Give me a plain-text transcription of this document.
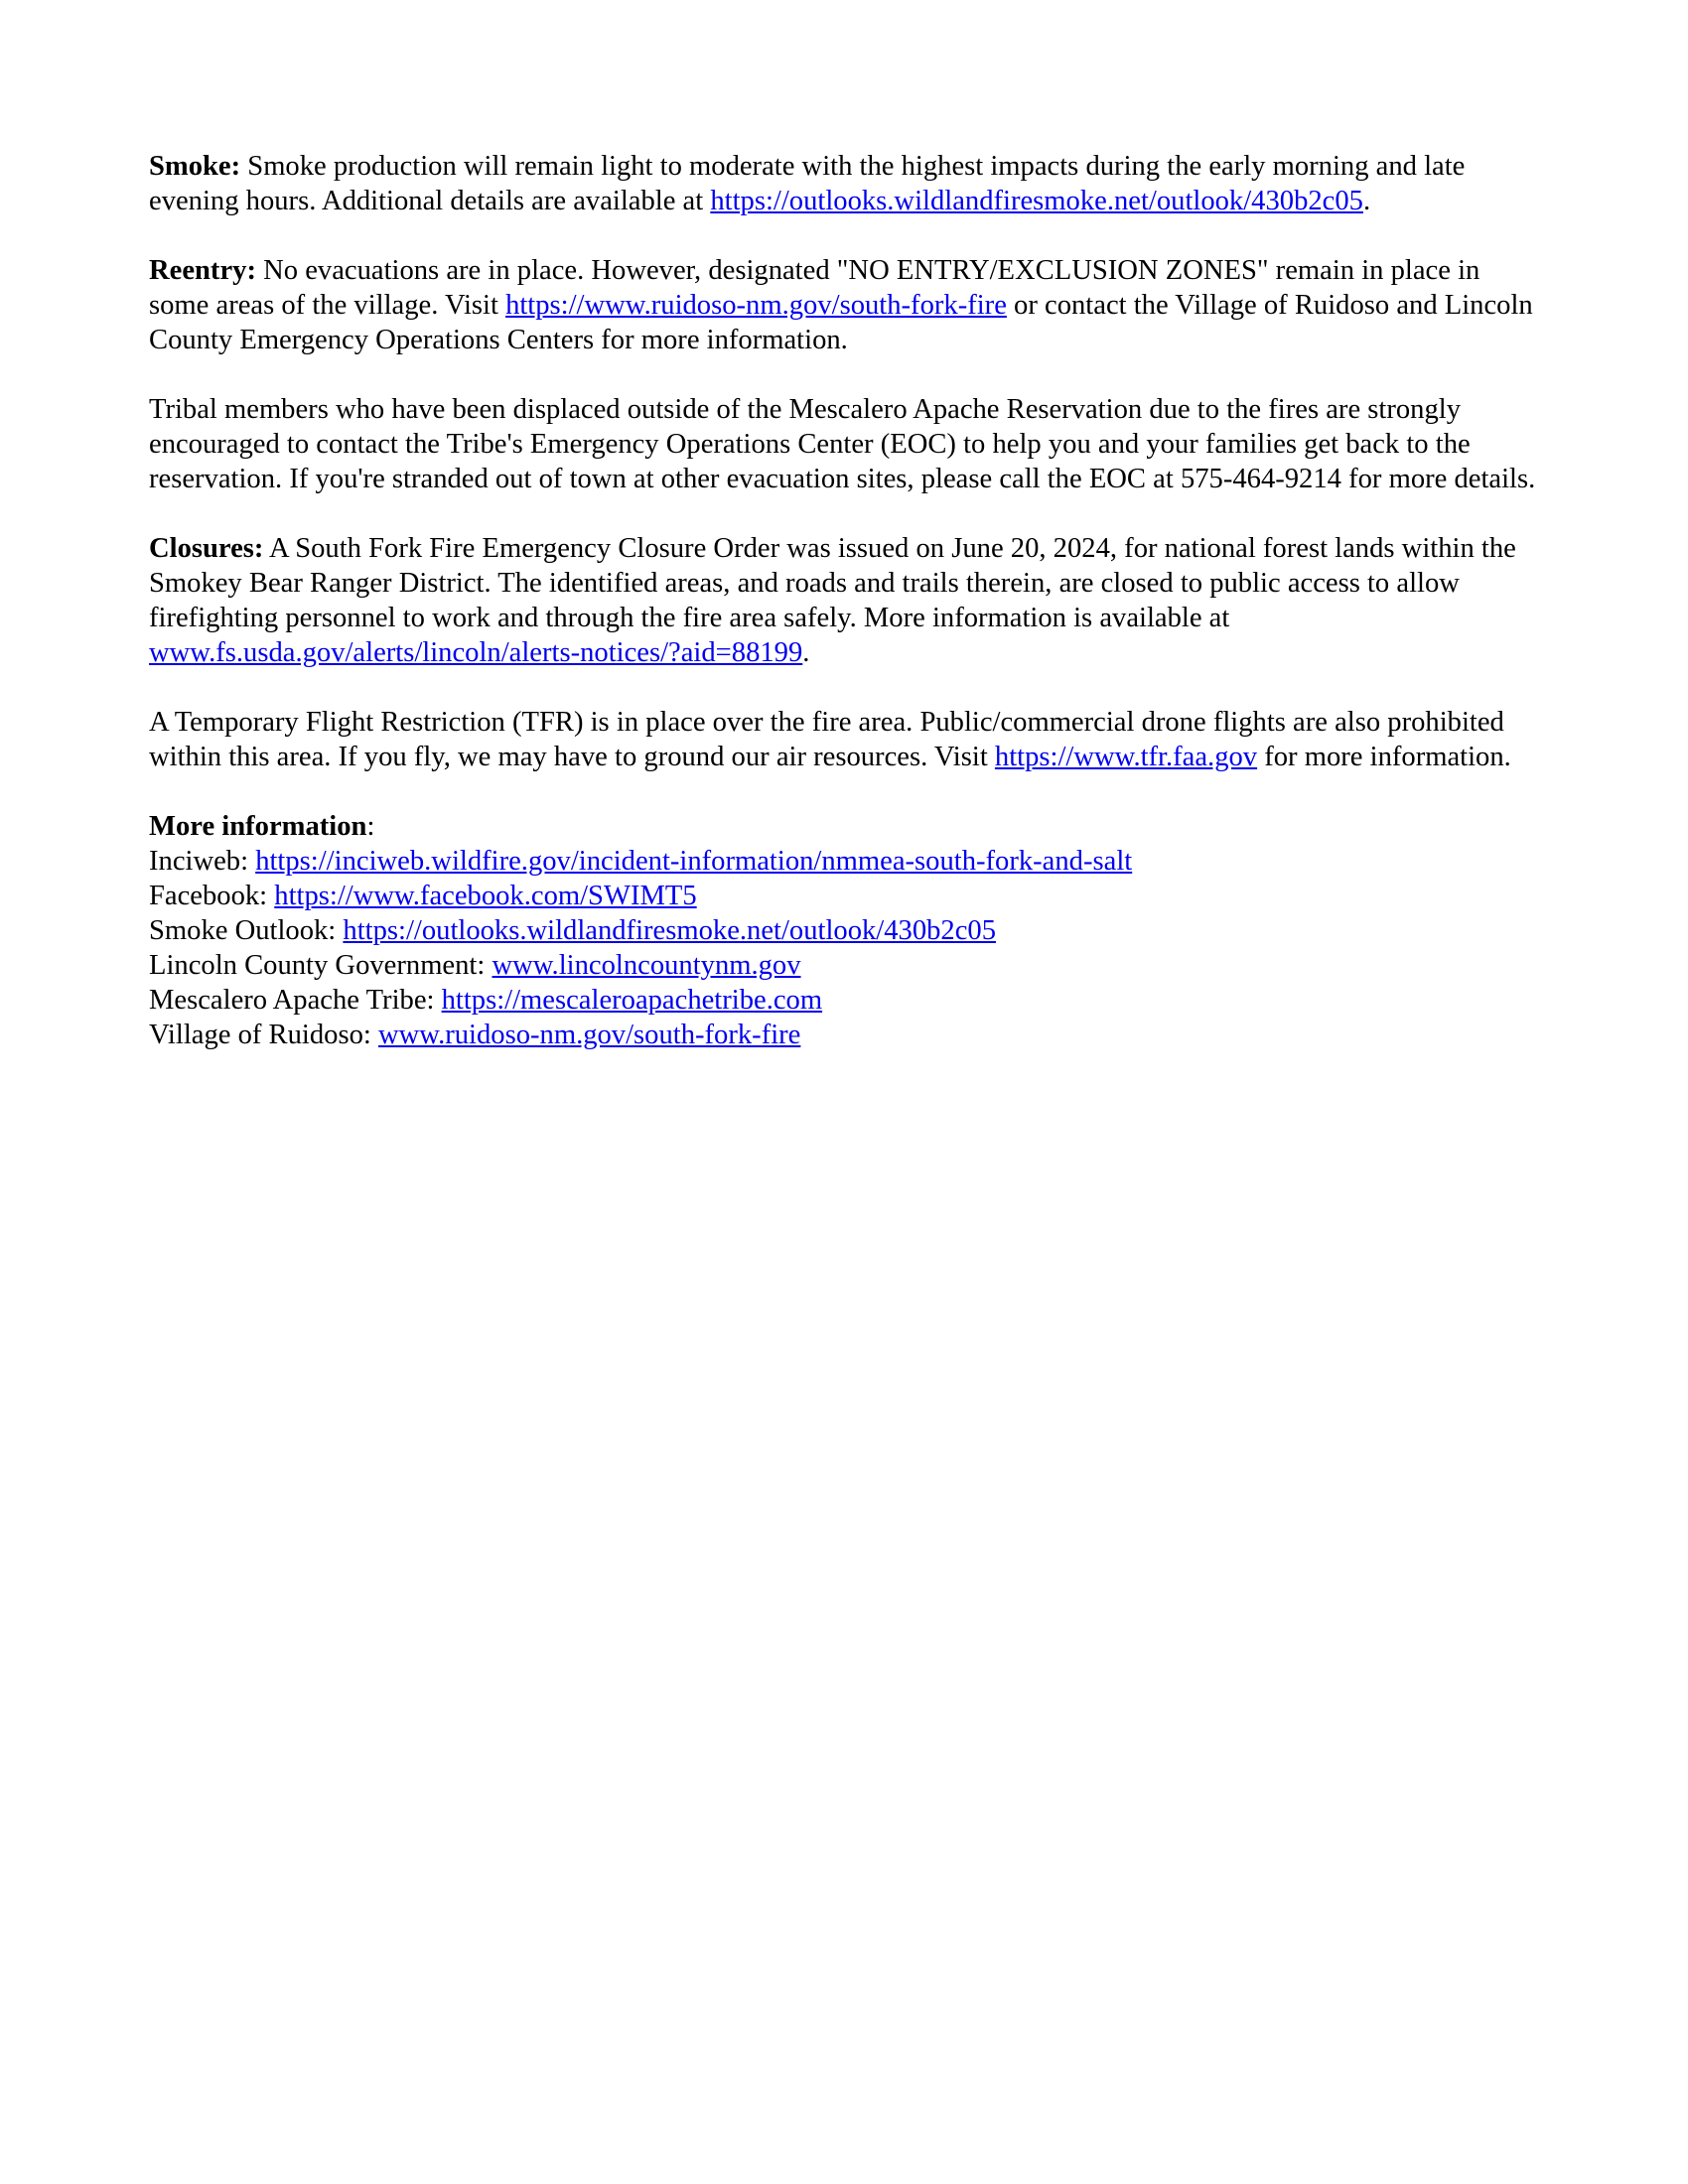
Smoke: Smoke production will remain light to moderate with the highest impacts during the early morning and late evening hours. Additional details are available at https://outlooks.wildlandfiresmoke.net/outlook/430b2c05.

Reentry: No evacuations are in place. However, designated "NO ENTRY/EXCLUSION ZONES" remain in place in some areas of the village. Visit https://www.ruidoso-nm.gov/south-fork-fire or contact the Village of Ruidoso and Lincoln County Emergency Operations Centers for more information.

Tribal members who have been displaced outside of the Mescalero Apache Reservation due to the fires are strongly encouraged to contact the Tribe's Emergency Operations Center (EOC) to help you and your families get back to the reservation. If you're stranded out of town at other evacuation sites, please call the EOC at 575-464-9214 for more details.

Closures: A South Fork Fire Emergency Closure Order was issued on June 20, 2024, for national forest lands within the Smokey Bear Ranger District. The identified areas, and roads and trails therein, are closed to public access to allow firefighting personnel to work and through the fire area safely. More information is available at www.fs.usda.gov/alerts/lincoln/alerts-notices/?aid=88199.

A Temporary Flight Restriction (TFR) is in place over the fire area. Public/commercial drone flights are also prohibited within this area. If you fly, we may have to ground our air resources. Visit https://www.tfr.faa.gov for more information.

More information:
Inciweb: https://inciweb.wildfire.gov/incident-information/nmmea-south-fork-and-salt
Facebook: https://www.facebook.com/SWIMT5
Smoke Outlook: https://outlooks.wildlandfiresmoke.net/outlook/430b2c05
Lincoln County Government: www.lincolncountynm.gov
Mescalero Apache Tribe: https://mescaleroapachetribe.com
Village of Ruidoso: www.ruidoso-nm.gov/south-fork-fire
